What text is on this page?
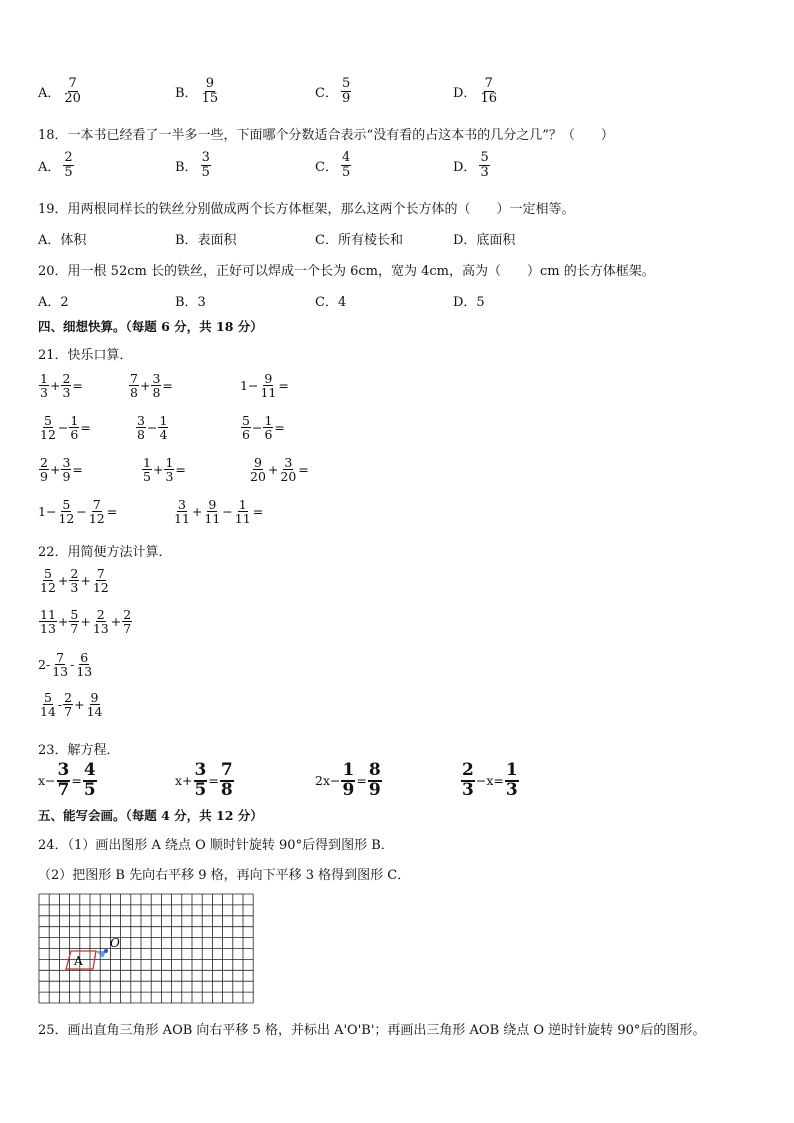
18．一本书已经看了一半多一些，下面哪个分数适合表示“没有看的占这本书的几分之几”？（　　）
19．用两根同样长的铁丝分别做成两个长方体框架，那么这两个长方体的（　　）一定相等。
A．体积	B．表面积	C．所有棱长和	D．底面积
20．用一根 52cm 长的铁丝，正好可以焊成一个长为 6cm，宽为 4cm，高为（　　）cm 的长方体框架。
A．2	B．3	C．4	D．5
四、细想快算。（每题 6 分，共 18 分）
21．快乐口算．
22．用简便方法计算．
23．解方程．
五、能写会画。（每题 4 分，共 12 分）
24．（1）画出图形 A 绕点 O 顺时针旋转 90°后得到图形 B．
（2）把图形 B 先向右平移 9 格，再向下平移 3 格得到图形 C．
A
O
25．画出直角三角形 AOB 向右平移 5 格，并标出 A'O'B'；再画出三角形 AOB 绕点 O 逆时针旋转 90°后的图形。
A． $\frac{7}{20}$	B． $\frac{9}{15}$	C． $\frac{5}{9}$	D． $\frac{7}{16}$
A． $\frac{2}{5}$	B． $\frac{3}{5}$	C． $\frac{4}{5}$	D． $\frac{5}{3}$
$\frac{1}{3} + \frac{2}{3}$ =	$\frac{7}{8} + \frac{3}{8}$ =	$1- \frac{9}{11}$ =
$\frac{5}{12} - \frac{1}{6}$ =	$\frac{3}{8} - \frac{1}{4}$	$\frac{5}{6} - \frac{1}{6}$ =
$\frac{2}{9} + \frac{3}{9}$ =	$\frac{1}{5} + \frac{1}{3}$ =	$\frac{9}{20} + \frac{3}{20}$ =
$1- \frac{5}{12} - \frac{7}{12}$ =	$\frac{3}{11} + \frac{9}{11} - \frac{1}{11}$ =
$\frac{5}{12} + \frac{2}{3} + \frac{7}{12}$
$\frac{11}{13} + \frac{5}{7} + \frac{2}{13} + \frac{2}{7}$
$2- \frac{7}{13} - \frac{6}{13}$
$\frac{5}{14} - \frac{2}{7} + \frac{9}{14}$
$x- \frac{3}{7} = \frac{4}{5}$	$x+ \frac{3}{5} = \frac{7}{8}$	$2x- \frac{1}{9} = \frac{8}{9}$	$\frac{2}{3} -x= \frac{1}{3}$
